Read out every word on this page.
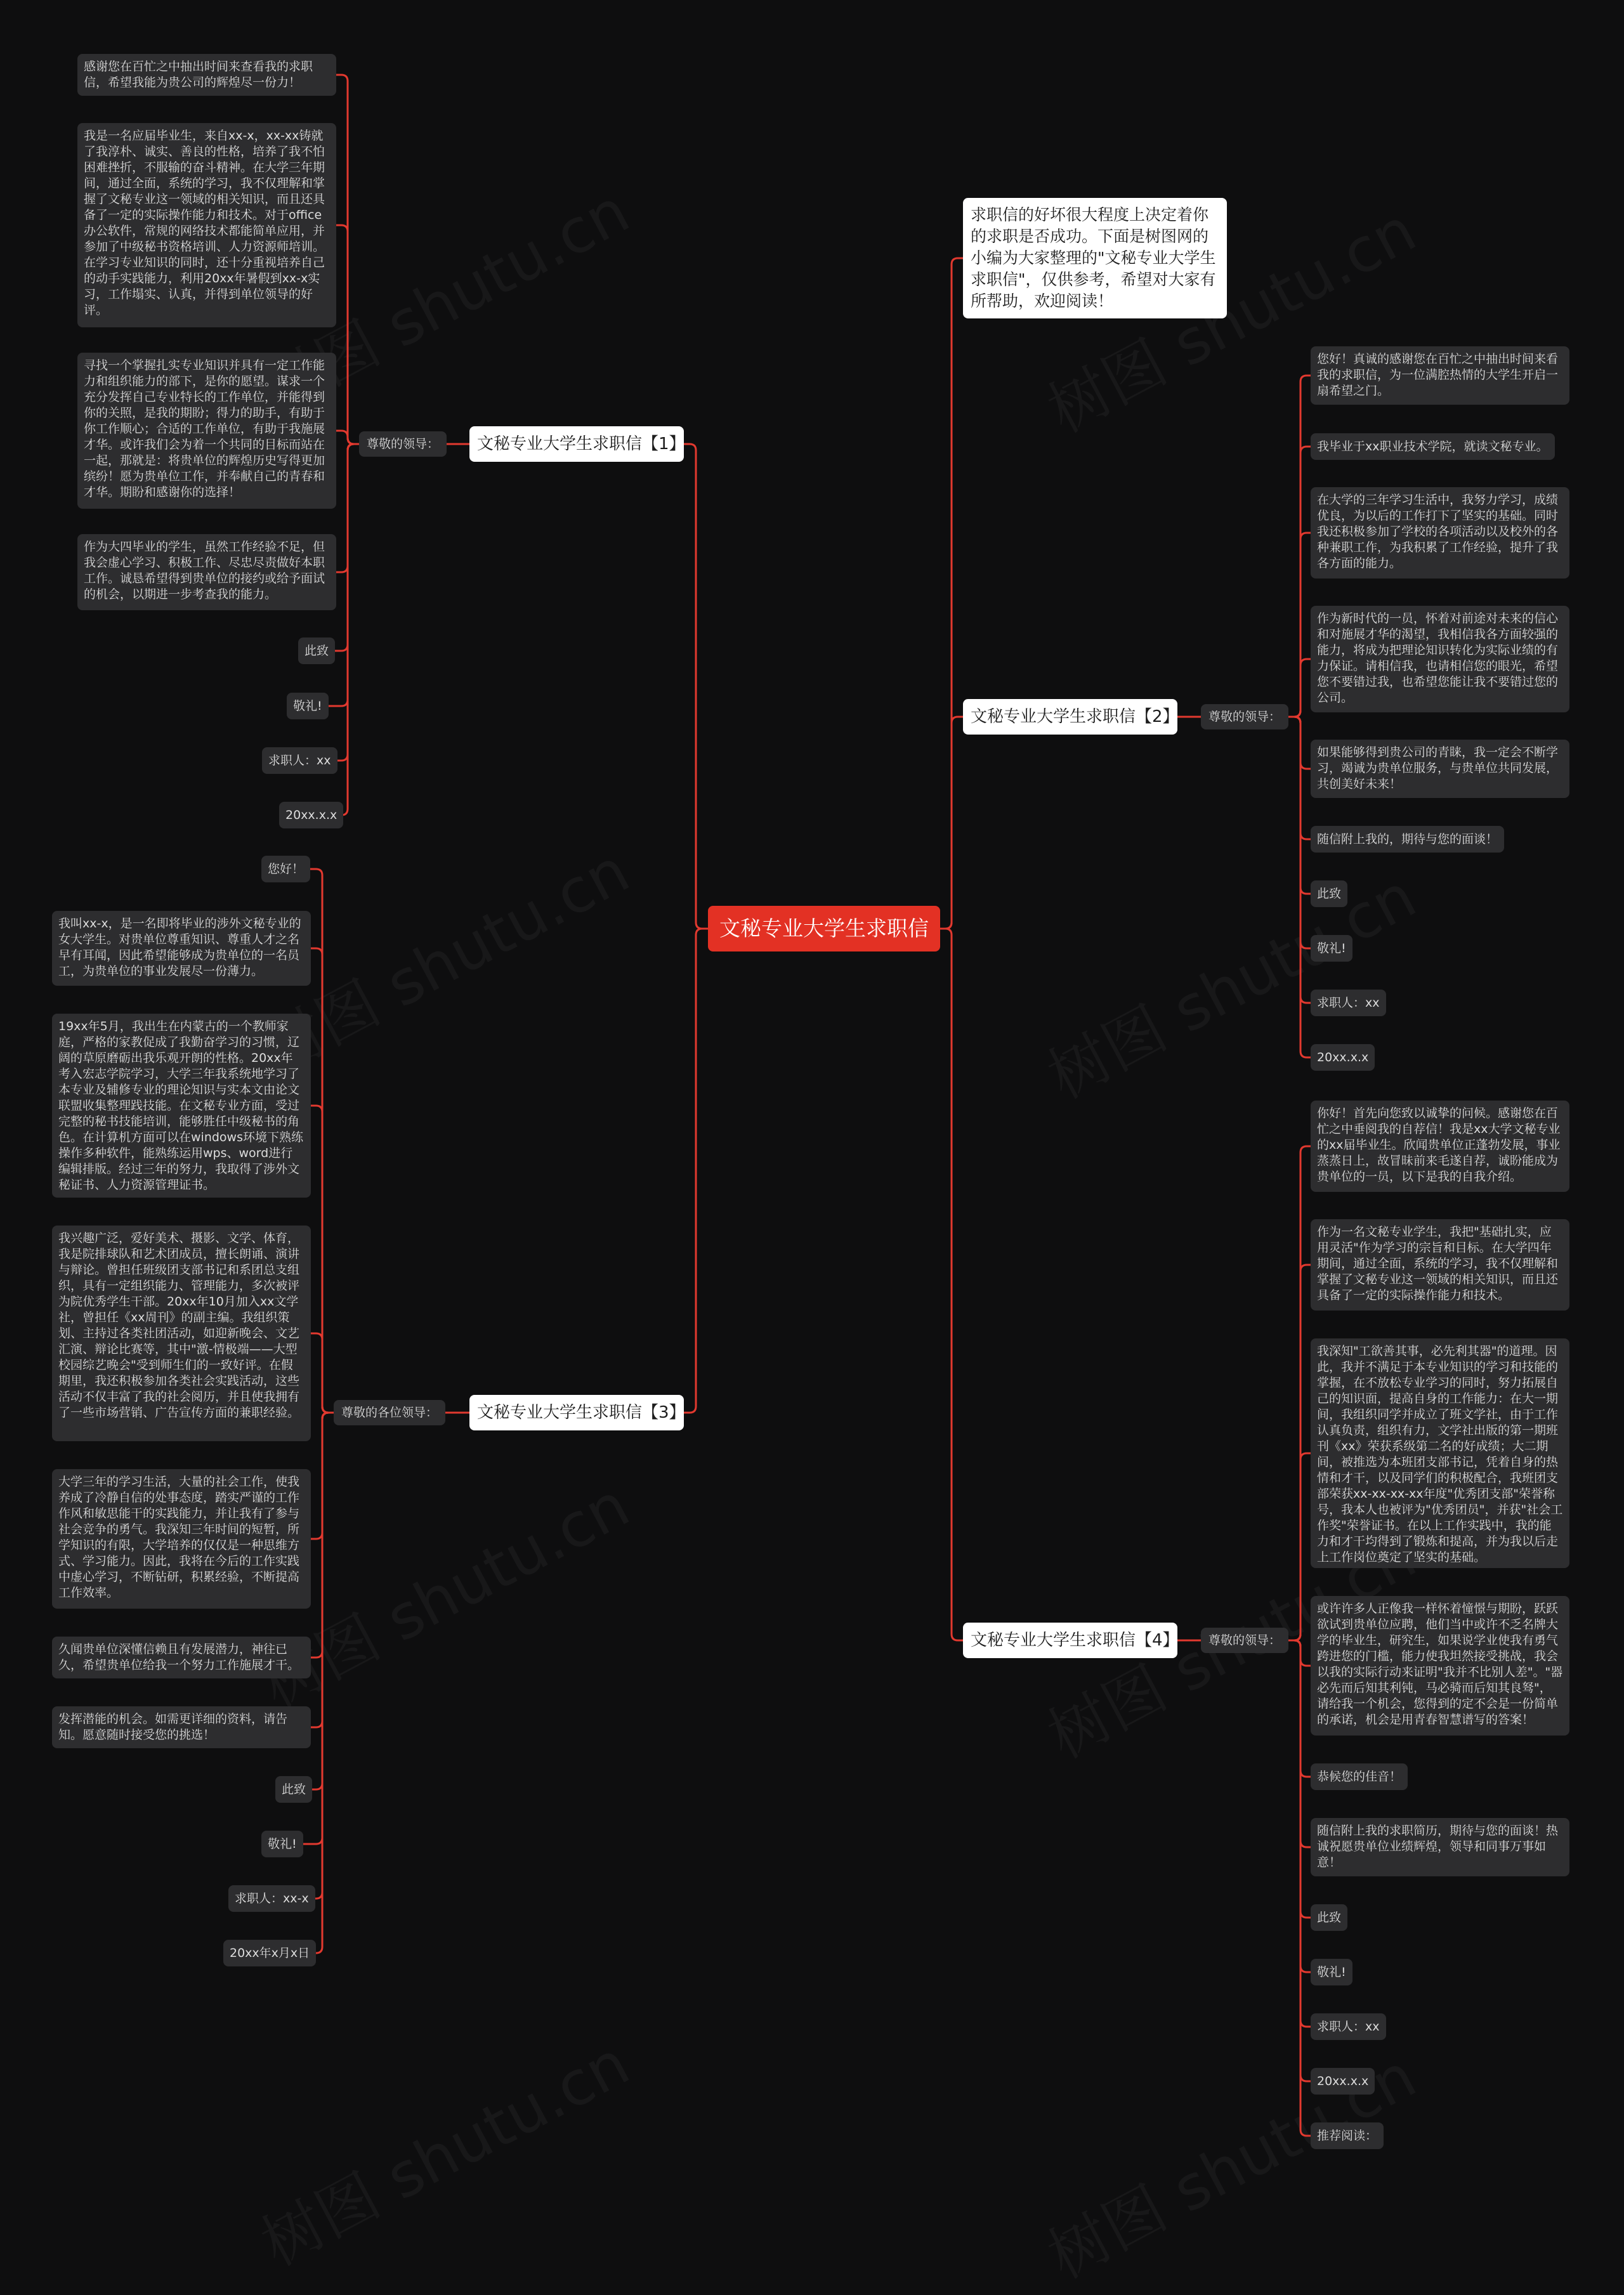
文秘专业大学生求职信
求职信的好坏很大程度上决定着你的求职是否成功。下面是树图网的小编为大家整理的"文秘专业大学生求职信"，仅供参考，希望对大家有所帮助，欢迎阅读！
文秘专业大学生求职信【1】
尊敬的领导：
感谢您在百忙之中抽出时间来查看我的求职信，希望我能为贵公司的辉煌尽一份力！
我是一名应届毕业生，来自xx-x，xx-xx铸就了我淳朴、诚实、善良的性格，培养了我不怕困难挫折，不服输的奋斗精神。在大学三年期间，通过全面，系统的学习，我不仅理解和掌握了文秘专业这一领域的相关知识，而且还具备了一定的实际操作能力和技术。对于office办公软件，常规的网络技术都能简单应用，并参加了中级秘书资格培训、人力资源师培训。在学习专业知识的同时，还十分重视培养自己的动手实践能力，利用20xx年暑假到xx-x实习，工作塌实、认真，并得到单位领导的好评。
寻找一个掌握扎实专业知识并具有一定工作能力和组织能力的部下，是你的愿望。谋求一个充分发挥自己专业特长的工作单位，并能得到你的关照，是我的期盼；得力的助手，有助于你工作顺心；合适的工作单位，有助于我施展才华。或许我们会为着一个共同的目标而站在一起，那就是：将贵单位的辉煌历史写得更加缤纷！愿为贵单位工作，并奉献自己的青春和才华。期盼和感谢你的选择！
作为大四毕业的学生，虽然工作经验不足，但我会虚心学习、积极工作、尽忠尽责做好本职工作。诚恳希望得到贵单位的接约或给予面试的机会，以期进一步考查我的能力。
此致
敬礼!
求职人：xx
20xx.x.x
文秘专业大学生求职信【2】	尊敬的领导：
您好！真诚的感谢您在百忙之中抽出时间来看我的求职信，为一位满腔热情的大学生开启一扇希望之门。
我毕业于xx职业技术学院，就读文秘专业。
在大学的三年学习生活中，我努力学习，成绩优良，为以后的工作打下了坚实的基础。同时我还积极参加了学校的各项活动以及校外的各种兼职工作，为我积累了工作经验，提升了我各方面的能力。
作为新时代的一员，怀着对前途对未来的信心和对施展才华的渴望，我相信我各方面较强的能力，将成为把理论知识转化为实际业绩的有力保证。请相信我，也请相信您的眼光，希望您不要错过我，也希望您能让我不要错过您的公司。
如果能够得到贵公司的青睐，我一定会不断学习，竭诚为贵单位服务，与贵单位共同发展，共创美好未来！
随信附上我的，期待与您的面谈！
此致
敬礼!
求职人：xx
20xx.x.x
文秘专业大学生求职信【3】
尊敬的各位领导：
您好！
我叫xx-x，是一名即将毕业的涉外文秘专业的女大学生。对贵单位尊重知识、尊重人才之名早有耳闻，因此希望能够成为贵单位的一名员工，为贵单位的事业发展尽一份薄力。
19xx年5月，我出生在内蒙古的一个教师家庭，严格的家教促成了我勤奋学习的习惯，辽阔的草原磨砺出我乐观开朗的性格。20xx年考入宏志学院学习，大学三年我系统地学习了本专业及辅修专业的理论知识与实本文由论文联盟收集整理践技能。在文秘专业方面，受过完整的秘书技能培训，能够胜任中级秘书的角色。在计算机方面可以在windows环境下熟练操作多种软件，能熟练运用wps、word进行编辑排版。经过三年的努力，我取得了涉外文秘证书、人力资源管理证书。
我兴趣广泛，爱好美术、摄影、文学、体育，我是院排球队和艺术团成员，擅长朗诵、演讲与辩论。曾担任班级团支部书记和系团总支组织，具有一定组织能力、管理能力，多次被评为院优秀学生干部。20xx年10月加入xx文学社，曾担任《xx周刊》的副主编。我组织策划、主持过各类社团活动，如迎新晚会、文艺汇演、辩论比赛等，其中"激-情极端——大型校园综艺晚会"受到师生们的一致好评。在假期里，我还积极参加各类社会实践活动，这些活动不仅丰富了我的社会阅历，并且使我拥有了一些市场营销、广告宣传方面的兼职经验。
大学三年的学习生活，大量的社会工作，使我养成了冷静自信的处事态度，踏实严谨的工作作风和敏思能干的实践能力，并让我有了参与社会竞争的勇气。我深知三年时间的短暂，所学知识的有限，大学培养的仅仅是一种思维方式、学习能力。因此，我将在今后的工作实践中虚心学习，不断钻研，积累经验，不断提高工作效率。
久闻贵单位深懂信赖且有发展潜力，神往已久，希望贵单位给我一个努力工作施展才干。
发挥潜能的机会。如需更详细的资料，请告知。愿意随时接受您的挑选！
此致
敬礼!
求职人：xx-x
20xx年x月x日
文秘专业大学生求职信【4】	尊敬的领导：
你好！首先向您致以诚挚的问候。感谢您在百忙之中垂阅我的自荐信！我是xx大学文秘专业的xx届毕业生。欣闻贵单位正蓬勃发展，事业蒸蒸日上，故冒昧前来毛遂自荐，诚盼能成为贵单位的一员，以下是我的自我介绍。
作为一名文秘专业学生，我把"基础扎实，应用灵活"作为学习的宗旨和目标。在大学四年期间，通过全面，系统的学习，我不仅理解和掌握了文秘专业这一领域的相关知识，而且还具备了一定的实际操作能力和技术。
我深知"工欲善其事，必先利其器"的道理。因此，我并不满足于本专业知识的学习和技能的掌握，在不放松专业学习的同时，努力拓展自己的知识面，提高自身的工作能力：在大一期间，我组织同学并成立了班文学社，由于工作认真负责，组织有力，文学社出版的第一期班刊《xx》荣获系级第二名的好成绩；大二期间，被推选为本班团支部书记，凭着自身的热情和才干，以及同学们的积极配合，我班团支部荣获xx-xx-xx-xx年度"优秀团支部"荣誉称号，我本人也被评为"优秀团员"，并获"社会工作奖"荣誉证书。在以上工作实践中，我的能力和才干均得到了锻炼和提高，并为我以后走上工作岗位奠定了坚实的基础。
或许许多人正像我一样怀着憧憬与期盼，跃跃欲试到贵单位应聘，他们当中或许不乏名牌大学的毕业生，研究生，如果说学业使我有勇气跨进您的门槛，能力使我坦然接受挑战，我会以我的实际行动来证明"我并不比别人差"。"器必先而后知其利钝，马必骑而后知其良驽"，请给我一个机会，您得到的定不会是一份简单的承诺，机会是用青春智慧谱写的答案！
恭候您的佳音！
随信附上我的求职简历，期待与您的面谈！热诚祝愿贵单位业绩辉煌，领导和同事万事如意！
此致
敬礼!
求职人：xx
20xx.x.x
推荐阅读：
